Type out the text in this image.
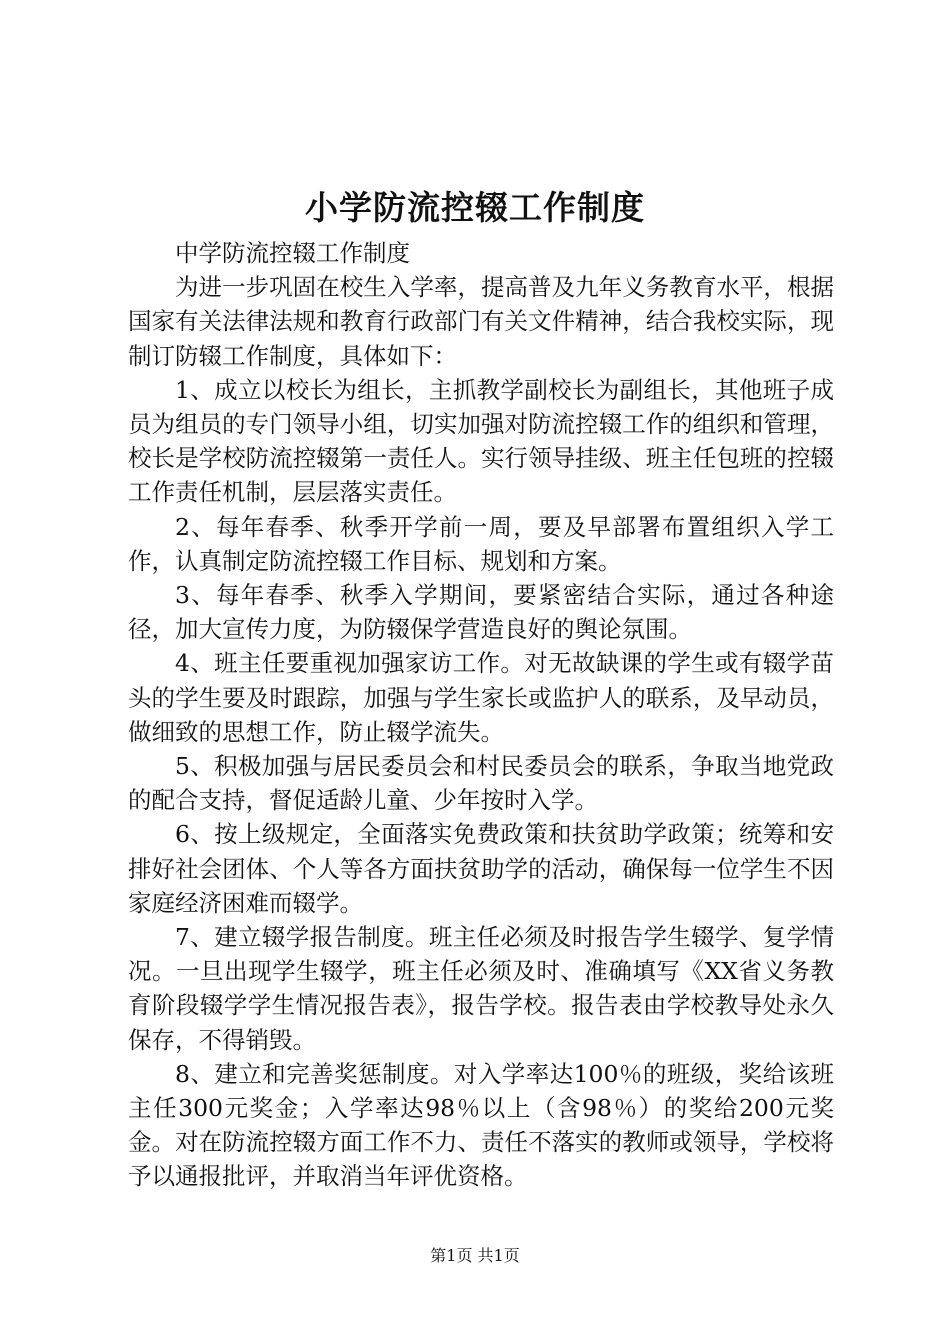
小学防流控辍工作制度

中学防流控辍工作制度

为进一步巩固在校生入学率，提高普及九年义务教育水平，根据国家有关法律法规和教育行政部门有关文件精神，结合我校实际，现制订防辍工作制度，具体如下：

1、成立以校长为组长，主抓教学副校长为副组长，其他班子成员为组员的专门领导小组，切实加强对防流控辍工作的组织和管理，校长是学校防流控辍第一责任人。实行领导挂级、班主任包班的控辍工作责任机制，层层落实责任。

2、每年春季、秋季开学前一周，要及早部署布置组织入学工作，认真制定防流控辍工作目标、规划和方案。

3、每年春季、秋季入学期间，要紧密结合实际，通过各种途径，加大宣传力度，为防辍保学营造良好的舆论氛围。

4、班主任要重视加强家访工作。对无故缺课的学生或有辍学苗头的学生要及时跟踪，加强与学生家长或监护人的联系，及早动员，做细致的思想工作，防止辍学流失。

5、积极加强与居民委员会和村民委员会的联系，争取当地党政的配合支持，督促适龄儿童、少年按时入学。

6、按上级规定，全面落实免费政策和扶贫助学政策；统筹和安排好社会团体、个人等各方面扶贫助学的活动，确保每一位学生不因家庭经济困难而辍学。

7、建立辍学报告制度。班主任必须及时报告学生辍学、复学情况。一旦出现学生辍学，班主任必须及时、准确填写《XX省义务教育阶段辍学学生情况报告表》，报告学校。报告表由学校教导处永久保存，不得销毁。

8、建立和完善奖惩制度。对入学率达100％的班级，奖给该班主任300元奖金；入学率达98％以上（含98％）的奖给200元奖金。对在防流控辍方面工作不力、责任不落实的教师或领导，学校将予以通报批评，并取消当年评优资格。

第1页 共1页
